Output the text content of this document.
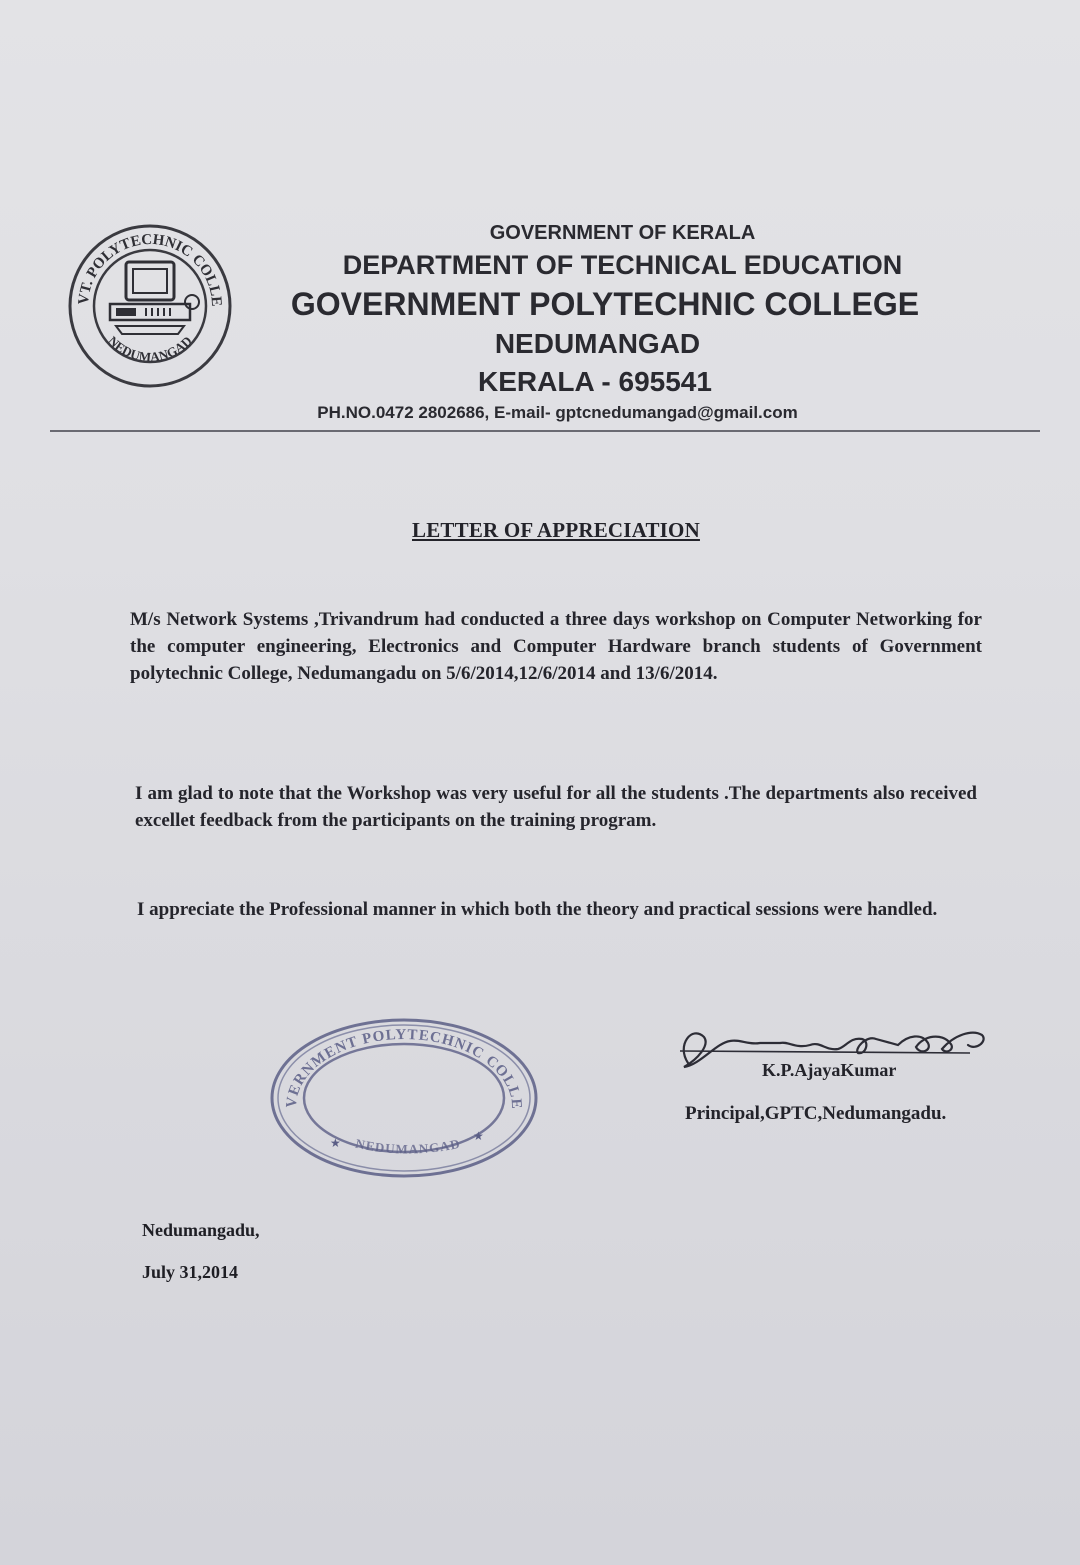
VT. POLYTECHNIC COLLE
NEDUMANGAD
GOVERNMENT OF KERALA
DEPARTMENT OF TECHNICAL EDUCATION
GOVERNMENT POLYTECHNIC COLLEGE
NEDUMANGAD
KERALA - 695541
PH.NO.0472 2802686, E-mail- gptcnedumangad@gmail.com
LETTER OF APPRECIATION
M/s Network Systems ,Trivandrum had conducted a three days workshop on Computer Networking for the computer engineering, Electronics and Computer Hardware branch students of Government polytechnic College, Nedumangadu on 5/6/2014,12/6/2014 and 13/6/2014.
I am glad to note that the Workshop was very useful for all the students .The departments also received excellet feedback from the participants on the training program.
I appreciate the Professional manner in which both the theory and practical sessions were handled.
VERNMENT POLYTECHNIC COLLE
NEDUMANGAD
★	★
K.P.AjayaKumar
Principal,GPTC,Nedumangadu.
Nedumangadu,
July 31,2014
